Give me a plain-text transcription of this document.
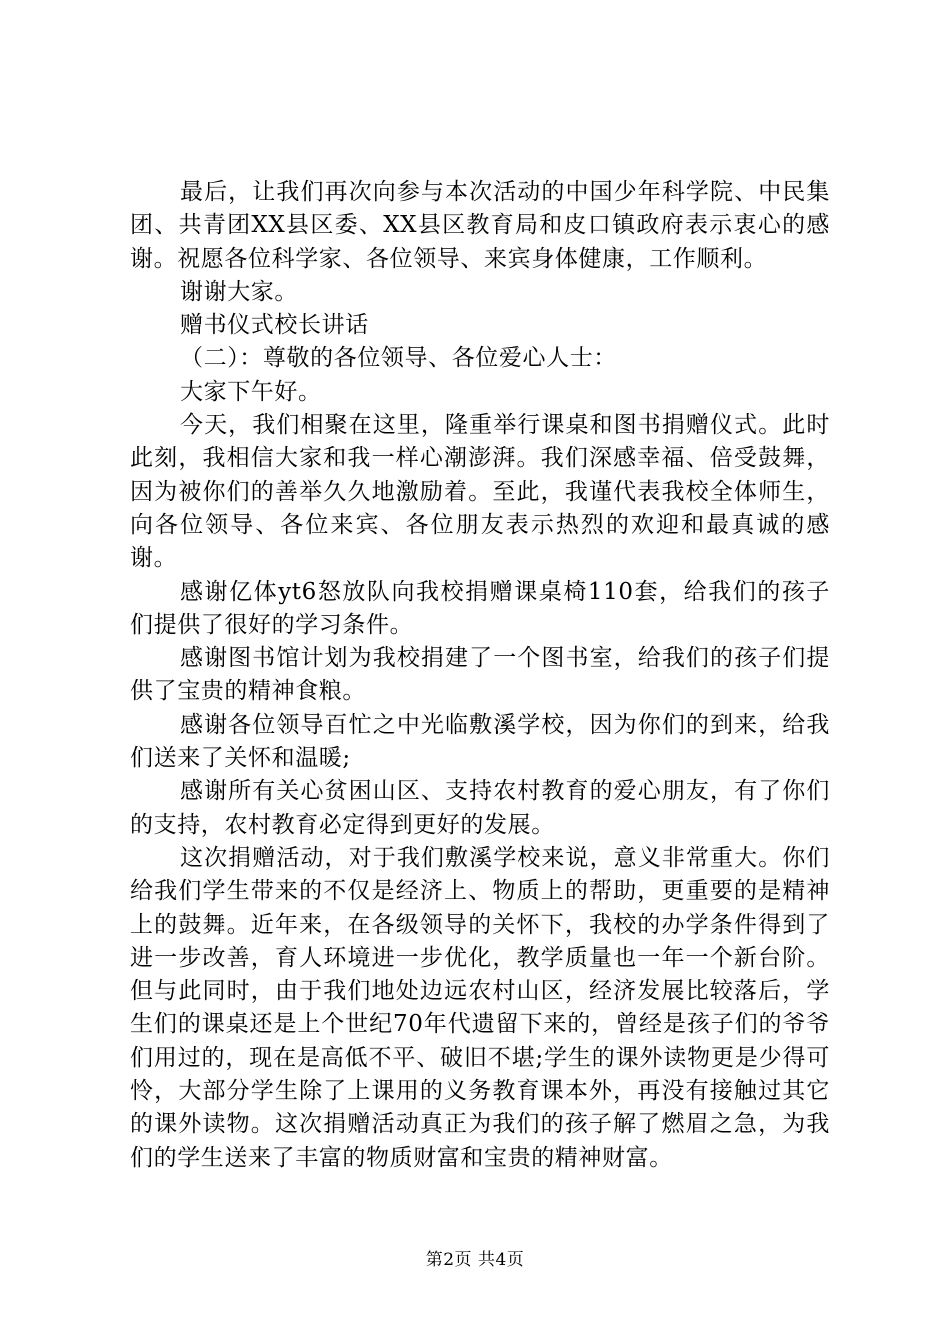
最后，让我们再次向参与本次活动的中国少年科学院、中民集团、共青团XX县区委、XX县区教育局和皮口镇政府表示衷心的感谢。祝愿各位科学家、各位领导、来宾身体健康，工作顺利。

谢谢大家。

赠书仪式校长讲话

（二）：尊敬的各位领导、各位爱心人士：

大家下午好。

今天，我们相聚在这里，隆重举行课桌和图书捐赠仪式。此时此刻，我相信大家和我一样心潮澎湃。我们深感幸福、倍受鼓舞，因为被你们的善举久久地激励着。至此，我谨代表我校全体师生，向各位领导、各位来宾、各位朋友表示热烈的欢迎和最真诚的感谢。

感谢亿体yt6怒放队向我校捐赠课桌椅110套，给我们的孩子们提供了很好的学习条件。

感谢图书馆计划为我校捐建了一个图书室，给我们的孩子们提供了宝贵的精神食粮。

感谢各位领导百忙之中光临敷溪学校，因为你们的到来，给我们送来了关怀和温暖;

感谢所有关心贫困山区、支持农村教育的爱心朋友，有了你们的支持，农村教育必定得到更好的发展。

这次捐赠活动，对于我们敷溪学校来说，意义非常重大。你们给我们学生带来的不仅是经济上、物质上的帮助，更重要的是精神上的鼓舞。近年来，在各级领导的关怀下，我校的办学条件得到了进一步改善，育人环境进一步优化，教学质量也一年一个新台阶。但与此同时，由于我们地处边远农村山区，经济发展比较落后，学生们的课桌还是上个世纪70年代遗留下来的，曾经是孩子们的爷爷们用过的，现在是高低不平、破旧不堪;学生的课外读物更是少得可怜，大部分学生除了上课用的义务教育课本外，再没有接触过其它的课外读物。这次捐赠活动真正为我们的孩子解了燃眉之急，为我们的学生送来了丰富的物质财富和宝贵的精神财富。

第2页 共4页
